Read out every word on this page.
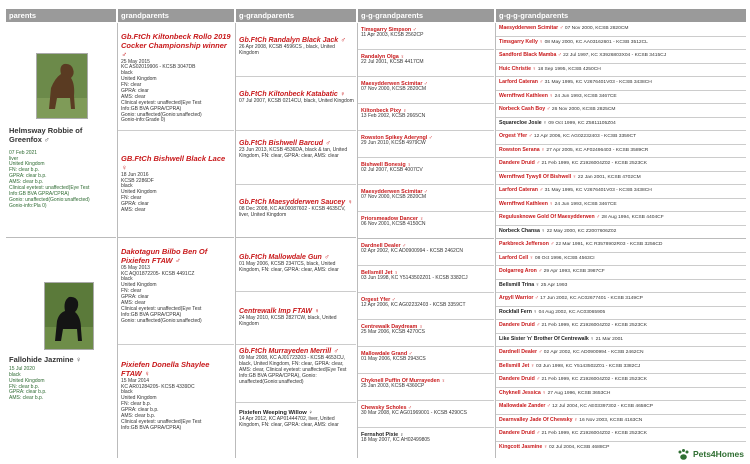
parents	grandparents	g-grandparents	g-g-grandparents	g-g-g-grandparents
Helmsway Robbie of Greenfox ♂
07 Feb 2021
liver
United Kingdom
FN: clear b.p.
GPRA: clear b.p.
AMS: clear b.p.
Clinical eyetest: unaffected(Eye Test
Info:GB BVA GPRA/CPRA)
Gonio: unaffected(Gonio:unaffected)
Gonio-info:Pla 0)
Fallohide Jazmine ♀
15 Jul 2020
black
United Kingdom
FN: clear b.p.
GPRA: clear b.p.
AMS: clear b.p.
Gb.FtCh Kiltonbeck Rollo 2019 Cocker Championship winner ♂
25 May 2015
KC AS02019906 - KCSB 3047DB
black
United Kingdom
FN: clear
GPRA: clear
AMS: clear
Clinical eyetest: unaffected(Eye Test
Info:GB BVA GPRA/CPRA)
Gonio: unaffected(Gonio:unaffected)
Gonio-info:Grade 0)
GB.FtCh Bishwell Black Lace ♀
18 Jun 2016
KCSB 2286DF
black
United Kingdom
FN: clear
GPRA: clear
AMS: clear
Dakotagun Bilbo Ben Of Pixiefen FTAW ♂
05 May 2013
KC AQ01872205- KCSB 4491CZ
black
United Kingdom
FN: clear
GPRA: clear
AMS: clear
Clinical eyetest: unaffected(Eye Test
Info:GB BVA GPRA/CPRA)
Gonio: unaffected(Gonio:unaffected)
Pixiefen Donella Shaylee FTAW ♀
15 Mar 2014
KC AR01284205- KCSB 4339DC
black
United Kingdom
FN: clear b.p.
GPRA: clear b.p.
AMS: clear b.p.
Clinical eyetest: unaffected(Eye Test
Info:GB BVA GPRA/CPRA)
Gb.FtCh Randalyn Black Jack ♂
26 Apr 2008, KCSB 4596CS , black, United Kingdom
Gb.FtCh Kiltonbeck Katabatic ♀
07 Jul 2007, KCSB 0214CU, black, United Kingdom
Gb.FtCh Bishwell Barcud ♂
23 Jun 2013, KCSB 4536DA, black & tan, United Kingdom, FN: clear, GPRA: clear, AMS: clear
Gb.FtCh Maesydderwen Saucey ♀
08 Dec 2008, KC AK00087602 - KCSB 4635CV, liver, United Kingdom
Gb.FtCh Mallowdale Gun ♂
01 May 2006, KCSB 2347CS, black, United Kingdom, FN: clear, GPRA: clear, AMS: clear
Centrewalk Imp FTAW ♀
24 May 2010, KCSB 2827CW, black, United Kingdom
Gb.FtCh Murrayeden Merrill ♂
09 Mar 2008, KC AJ01723203 - KCSB 4653CU, black, United Kingdom, FN: clear, GPRA: clear, AMS: clear, Clinical eyetest: unaffected(Eye Test Info:GB BVA GPRA/CPRA), Gonio: unaffected(Gonio:unaffected)
Pixiefen Weeping Willow ♀
14 Apr 2012, KC AP01444702, liver, United Kingdom, FN: clear, GPRA: clear, AMS: clear
Timsgarry Simpson ♂
11 Apr 2003, KCSB 2562CP
Randalyn Olga ♀
22 Jul 2001, KCSB 4417CM
Maesydderwen Scimitar ♂
07 Nov 2000, KCSB 2820CM
Kiltonbeck Pixy ♀
13 Feb 2002, KCSB 2665CN
Rowston Spikey Aderyngl ♂
29 Jun 2010, KCSB 4979CW
Bishwell Bonesig ♀
02 Jul 2007, KCSB 4007CV
Maesydderwen Scimitar ♂
07 Nov 2000, KCSB 2820CM
Priorsmeadow Dancer ♀
06 Nov 2001, KCSB 4150CN
Dardnell Dealer ♂
02 Apr 2002, KC AD0900994 - KCSB 2462CN
Bellsmill Jet ♀
03 Jun 1998, KC Y5143502Z01 - KCSB 3382CJ
Orgest Yfer ♂
12 Apr 2006, KC AG02232403 - KCSB 3359CT
Centrewalk Daydream ♀
25 Mar 2006, KCSB 4270CS
Mallowdale Grand ♂
01 May 2006, KCSB 2943CS
Chyknell Puffin Of Murrayeden ♀
25 Jan 2003, KCSB 4360CP
Chewsky Scholes ♂
30 Mar 2008, KC AG01969001 - KCSB 4290CS
Fernshot Pixie ♀
18 May 2007, KC AH02499805
Maesydderwen Scimitar ♂ 07 Nov 2000, KCSB 2820CM
Timsgarry Kelly ♀ 08 May 2000, KC AA03162601 - KCSB 3512CL
Sandford Black Mamba ♂ 22 Jul 1997, KC X3926803X04 - KCSB 3415CJ
Huic Christie ♀ 18 Sep 1995, KCSB 4250CH
Larford Cateran ♂ 31 May 1995, KC V2676401V03 - KCSB 3438CH
Wernffrwd Kathleen ♀ 24 Jun 1993, KCSB 3467CE
Norbeck Cash Boy ♂ 26 Nov 2000, KCSB 2825CM
Squarecloe Josie ♀ 09 Oct 1999, KC Z5811105Z04
Orgest Yfer ♂ 12 Apr 2006, KC AG02232403 - KCSB 3359CT
Rowston Serana ♀ 27 Apr 2005, KC AF02496403 - KCSB 3589CR
Dandere Druid ♂ 21 Feb 1999, KC Z1926004Z02 - KCSB 2523CK
Wernffrwd Tywyll Of Bishwell ♀ 22 Jan 2001, KCSB 4702CM
Larford Cateran ♂ 31 May 1995, KC V2676401V03 - KCSB 3438CH
Wernffrwd Kathleen ♀ 24 Jun 1993, KCSB 3467CE
Regulusknowe Gold Of Maesydderwen ♂ 28 Aug 1994, KCSB 4404CF
Norbeck Chansa ♀ 22 May 2000, KC Z2007606Z02
Parkbreck Jefferson ♂ 22 Mar 1991, KC R3578902R03 - KCSB 3256CD
Larford Cell ♀ 08 Oct 1996, KCSB 4563CI
Dolgarreg Aron ♂ 29 Apr 1993, KCSB 3987CF
Bellsmill Trina ♀ 25 Apr 1993
Argyll Warrior ♂ 17 Jun 2002, KC AC02677401 - KCSB 3149CP
Rockfall Fern ♀ 04 Aug 2002, KC AC03065905
Dandere Druid ♂ 21 Feb 1999, KC Z1926004Z02 - KCSB 2523CK
Like Sister 'n' Brother Of Centrewalk ♀ 21 Mar 2001
Dardnell Dealer ♂ 02 Apr 2002, KC AD0900994 - KCSB 2462CN
Bellsmill Jet ♀ 03 Jun 1998, KC Y5143502Z01 - KCSB 3382CJ
Dandere Druid ♂ 21 Feb 1999, KC Z1926004Z02 - KCSB 2523CK
Chyknell Jessica ♀ 27 Aug 1996, KCSB 3653CH
Mallowdale Zander ♂ 12 Jul 2004, KC AE03397302 - KCSB 4658CP
Dearnvalley Jade Of Chewsky ♀ 16 Nov 2003, KCSB 4163CN
Dandere Druid ♂ 21 Feb 1999, KC Z1926004Z02 - KCSB 2523CK
Kingcott Jasmine ♀ 02 Jul 2004, KCSB 4688CP
Pets4Homes
